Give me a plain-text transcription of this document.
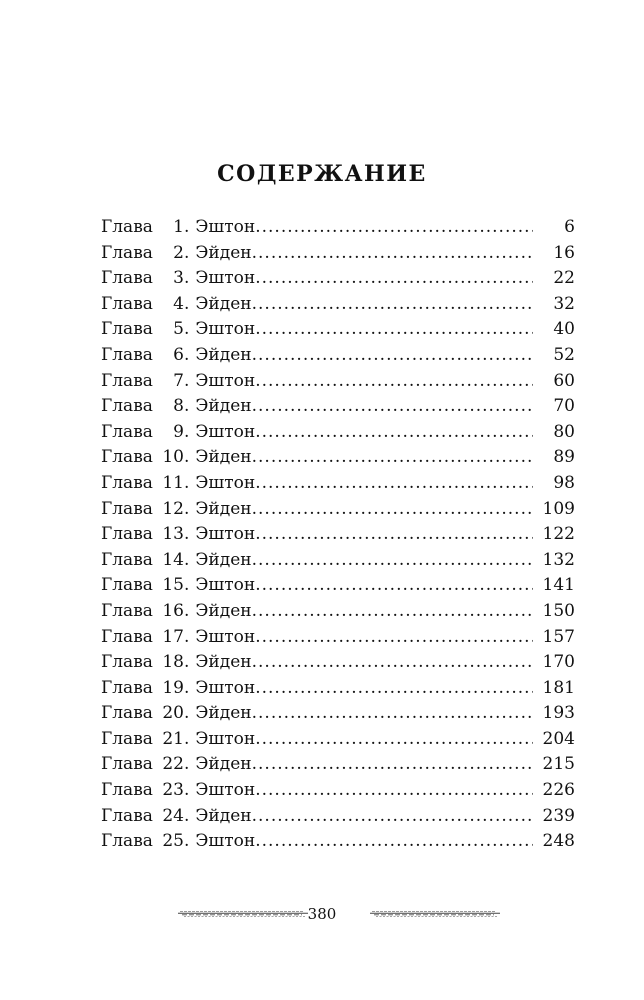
СОДЕРЖАНИЕ
Глава	1 . Эштон .....	6
Глава	2 . Эйден .....	16
Глава	3 . Эштон .....	22
Глава	4 . Эйден .....	32
Глава	5 . Эштон .....	40
Глава	6 . Эйден .....	52
Глава	7 . Эштон .....	60
Глава	8 . Эйден .....	70
Глава	9 . Эштон .....	80
Глава 10 . Эйден .....	89
Глава 11 . Эштон .....	98
Глава 12 . Эйден .....	109
Глава 13 . Эштон .....	122
Глава 14 . Эйден .....	132
Глава 15 . Эштон .....	141
Глава 16 . Эйден .....	150
Глава 17 . Эштон .....	157
Глава 18 . Эйден .....	170
Глава 19 . Эштон .....	181
Глава 20 . Эйден .....	193
Глава 21 . Эштон .....	204
Глава 22 . Эйден .....	215
Глава 23 . Эштон .....	226
Глава 24 . Эйден .....	239
Глава 25 . Эштон .....	248
380
